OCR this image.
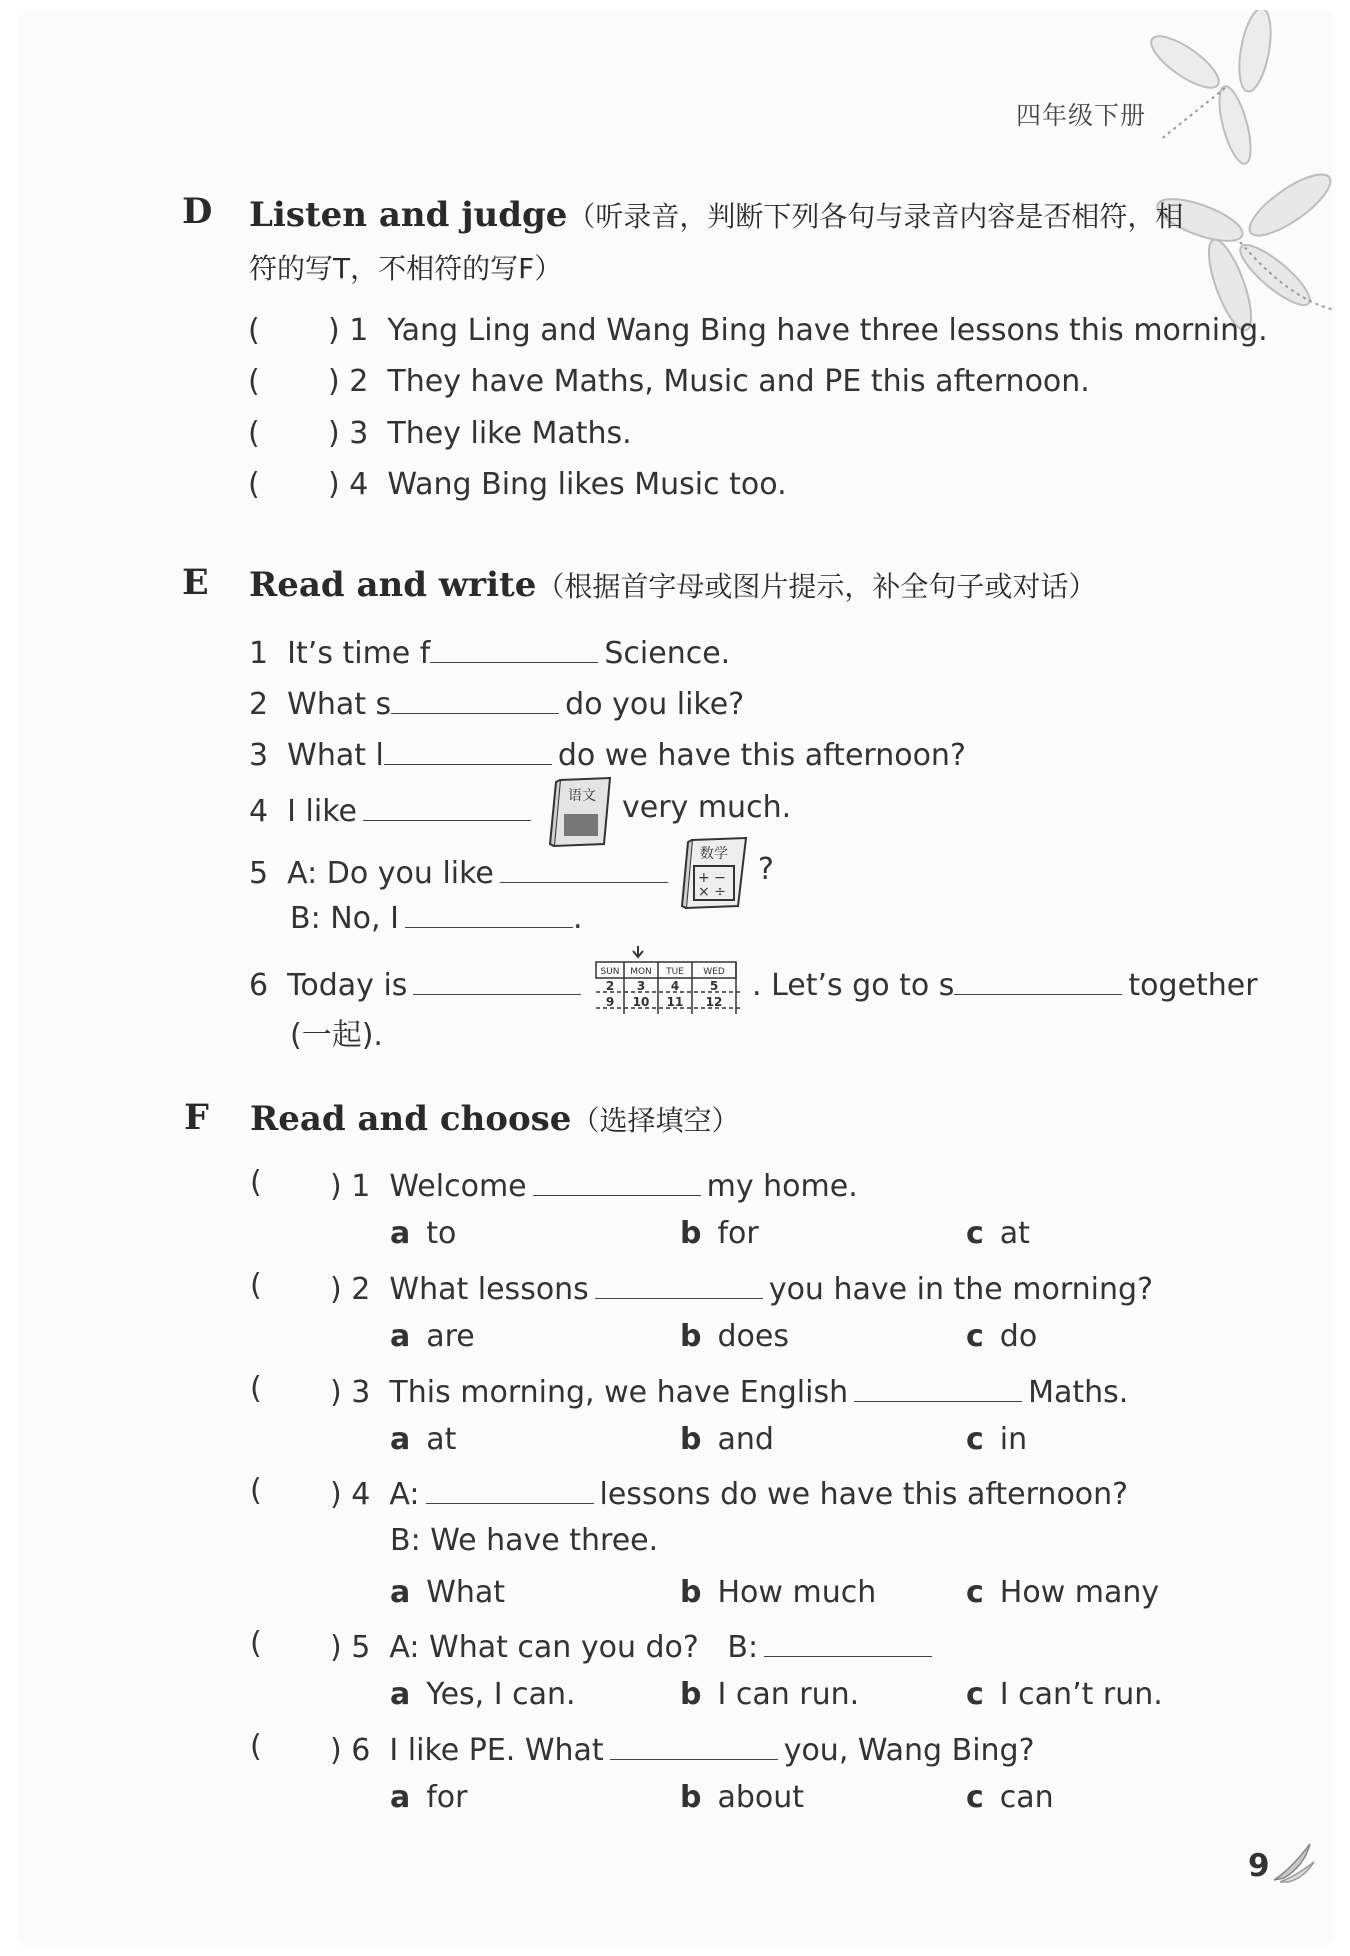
四年级下册
D Listen and judge（听录音，判断下列各句与录音内容是否相符，相
符的写T，不相符的写F）
( ) 1 Yang Ling and Wang Bing have three lessons this morning.
( ) 2 They have Maths, Music and PE this afternoon.
( ) 3 They like Maths.
( ) 4 Wang Bing likes Music too.
E Read and write（根据首字母或图片提示，补全句子或对话）
1 It’s time f	Science.
2 What s	do you like?
3 What l	do we have this afternoon?
4 I like	语文 very much.
5 A: Do you like
数学
+ −
× ÷
?
B: No, I	.
6 Today is	SUN MON TUE WED
2 3 4	5
9 10 11 12 . Let’s go to s	together
(一起).
F Read and choose（选择填空）
( ) 1 Welcome	my home.
a to	b for	c at
( ) 2 What lessons	you have in the morning?
a are	b does	c do
( ) 3 This morning, we have English	Maths.
a at	b and	c in
( ) 4 A:	lessons do we have this afternoon?
B: We have three.
a What	b How much	c How many
( ) 5 A: What can you do? B:
a Yes, I can.	b I can run.	c I can’t run.
( ) 6 I like PE. What	you, Wang Bing?
a for	b about	c can
9
